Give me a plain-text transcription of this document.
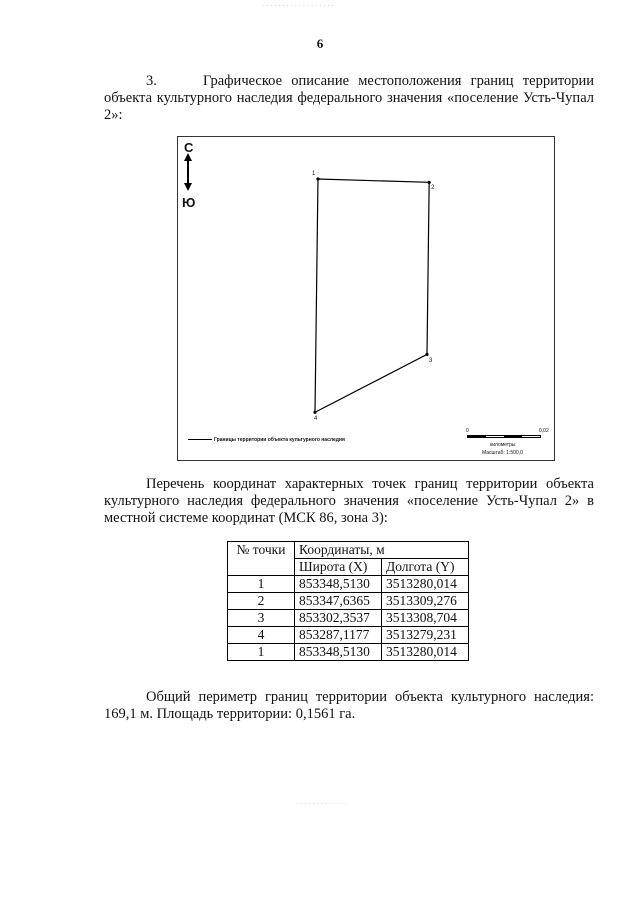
· · · · · · · · · · · · · · · · · ·
6

3.     Графическое описание местоположения границ территории объекта культурного наследия федерального значения «поселение Усть-Чупал 2»:

С
Ю
1
2
3
4
Границы территории объекта культурного наследия
0	0,02
километры
Масштаб: 1:500,0

Перечень координат характерных точек границ территории объекта культурного наследия федерального значения «поселение Усть-Чупал 2» в местной системе координат (МСК 86, зона 3):

№ точки	Координаты, м	
	Широта (X)	Долгота (Y)
1	853348,5130	3513280,014
2	853347,6365	3513309,276
3	853302,3537	3513308,704
4	853287,1177	3513279,231
1	853348,5130	3513280,014

Общий периметр границ территории объекта культурного наследия: 169,1 м. Площадь территории: 0,1561 га.

· · · · · · · · · · · · ·
